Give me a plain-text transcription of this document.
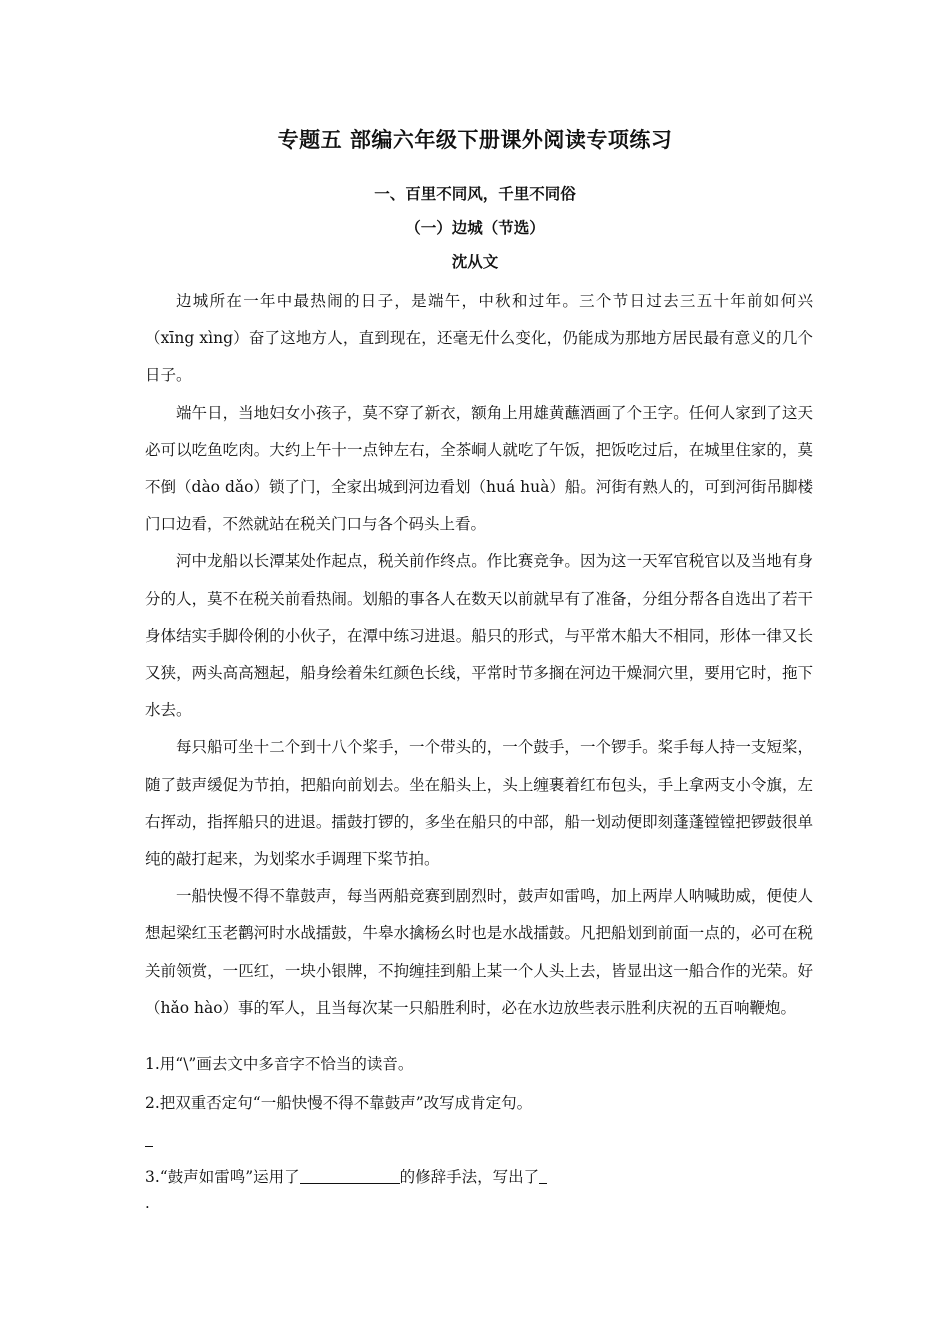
专题五 部编六年级下册课外阅读专项练习
一、百里不同风，千里不同俗
（一）边城（节选）
沈从文

边城所在一年中最热闹的日子，是端午，中秋和过年。三个节日过去三五十年前如何兴（xīng xìng）奋了这地方人，直到现在，还毫无什么变化，仍能成为那地方居民最有意义的几个日子。

端午日，当地妇女小孩子，莫不穿了新衣，额角上用雄黄蘸酒画了个王字。任何人家到了这天必可以吃鱼吃肉。大约上午十一点钟左右，全茶峒人就吃了午饭，把饭吃过后，在城里住家的，莫不倒（dào dǎo）锁了门，全家出城到河边看划（huá huà）船。河街有熟人的，可到河街吊脚楼门口边看，不然就站在税关门口与各个码头上看。

河中龙船以长潭某处作起点，税关前作终点。作比赛竞争。因为这一天军官税官以及当地有身分的人，莫不在税关前看热闹。划船的事各人在数天以前就早有了准备，分组分帮各自选出了若干身体结实手脚伶俐的小伙子，在潭中练习进退。船只的形式，与平常木船大不相同，形体一律又长又狭，两头高高翘起，船身绘着朱红颜色长线，平常时节多搁在河边干燥洞穴里，要用它时，拖下水去。

每只船可坐十二个到十八个桨手，一个带头的，一个鼓手，一个锣手。桨手每人持一支短桨，随了鼓声缓促为节拍，把船向前划去。坐在船头上，头上缠裹着红布包头，手上拿两支小令旗，左右挥动，指挥船只的进退。擂鼓打锣的，多坐在船只的中部，船一划动便即刻蓬蓬镗镗把锣鼓很单纯的敲打起来，为划桨水手调理下桨节拍。

一船快慢不得不靠鼓声，每当两船竞赛到剧烈时，鼓声如雷鸣，加上两岸人呐喊助威，便使人想起梁红玉老鹳河时水战擂鼓，牛皋水擒杨幺时也是水战擂鼓。凡把船划到前面一点的，必可在税关前领赏，一匹红，一块小银牌，不拘缠挂到船上某一个人头上去，皆显出这一船合作的光荣。好（hǎo hào）事的军人，且当每次某一只船胜利时，必在水边放些表示胜利庆祝的五百响鞭炮。

1.用“\”画去文中多音字不恰当的读音。
2.把双重否定句“一船快慢不得不靠鼓声”改写成肯定句。
3.“鼓声如雷鸣”运用了	的修辞手法，写出了
.
